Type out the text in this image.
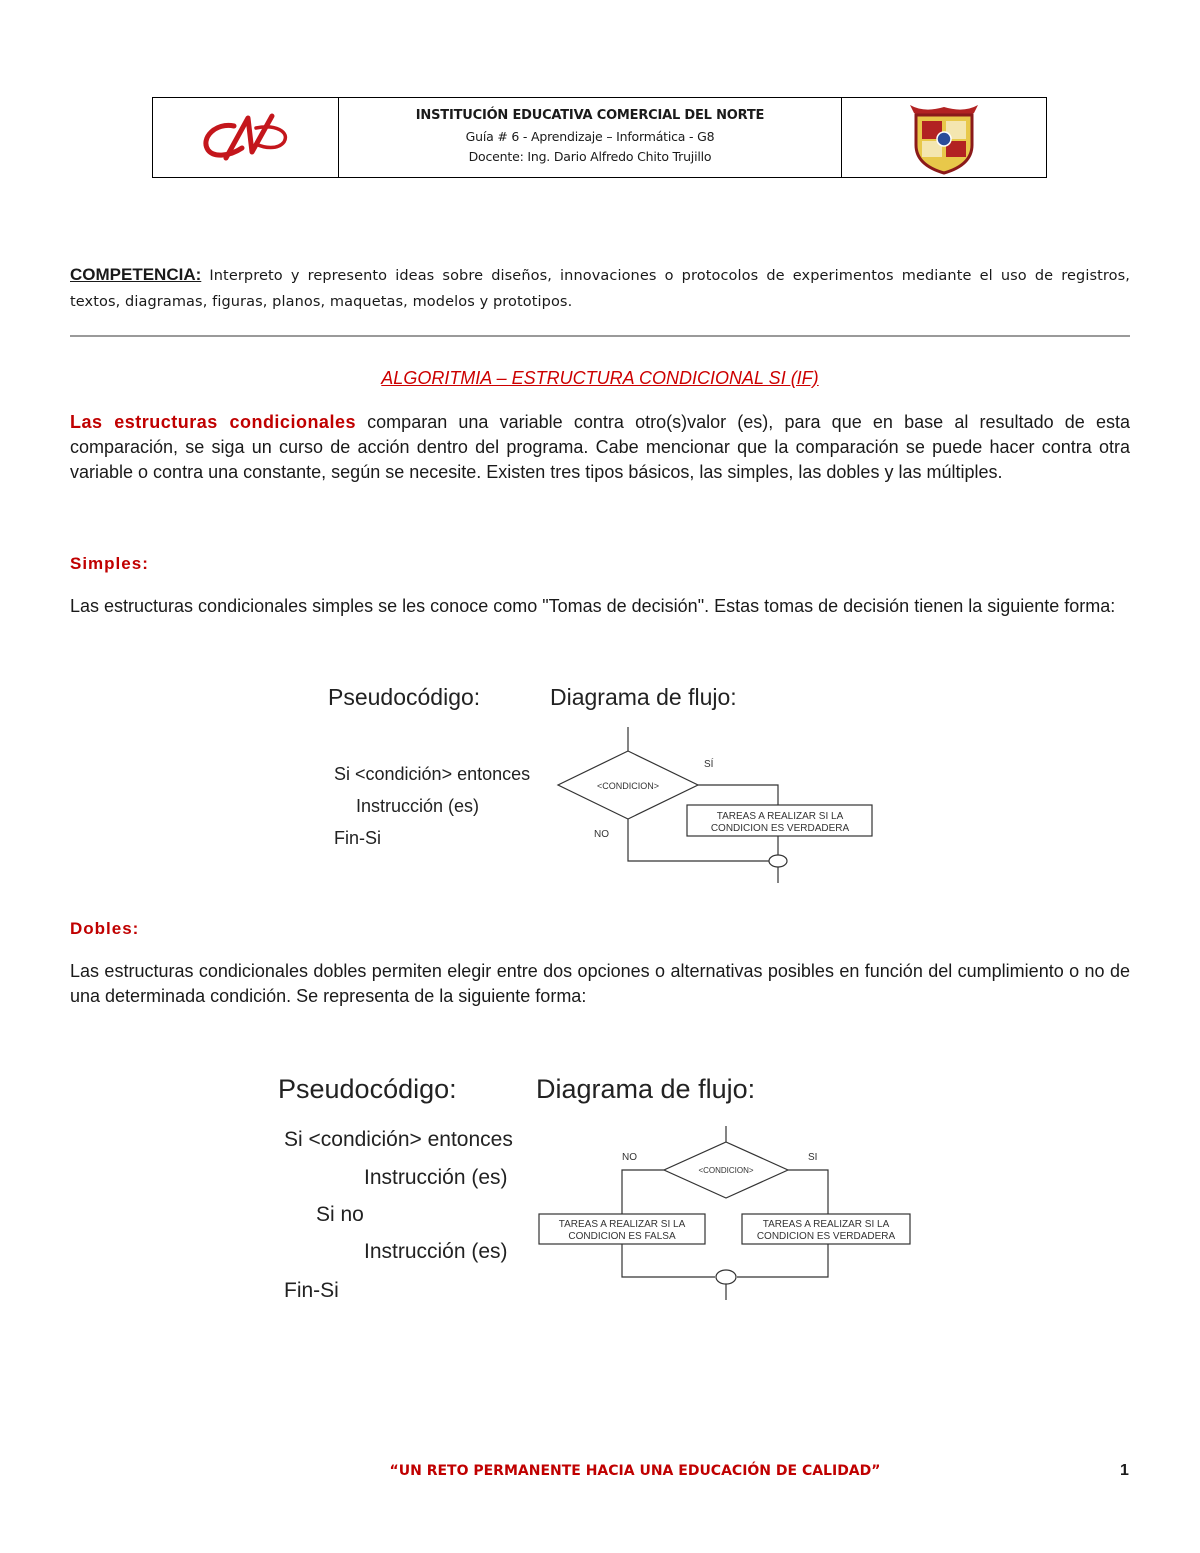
INSTITUCIÓN EDUCATIVA COMERCIAL DEL NORTE
Guía # 6 - Aprendizaje – Informática - G8
Docente: Ing. Dario Alfredo Chito Trujillo
COMPETENCIA: Interpreto y represento ideas sobre diseños, innovaciones o protocolos de experimentos mediante el uso de registros, textos, diagramas, figuras, planos, maquetas, modelos y prototipos.
ALGORITMIA – ESTRUCTURA CONDICIONAL SI (IF)
Las estructuras condicionales comparan una variable contra otro(s)valor (es), para que en base al resultado de esta comparación, se siga un curso de acción dentro del programa. Cabe mencionar que la comparación se puede hacer contra otra variable o contra una constante, según se necesite. Existen tres tipos básicos, las simples, las dobles y las múltiples.
Simples:
Las estructuras condicionales simples se les conoce como "Tomas de decisión". Estas tomas de decisión tienen la siguiente forma:
Pseudocódigo:	Diagrama de flujo:
Si <condición> entonces
Instrucción (es)
Fin-Si
<CONDICION>
SÍ
NO
TAREAS A REALIZAR SI LA
CONDICION ES VERDADERA
Dobles:
Las estructuras condicionales dobles permiten elegir entre dos opciones o alternativas posibles en función del cumplimiento o no de una determinada condición. Se representa de la siguiente forma:
Pseudocódigo:	Diagrama de flujo:
Si <condición> entonces
Instrucción (es)
Si no
Instrucción (es)
Fin-Si
<CONDICION>
NO	SI
TAREAS A REALIZAR SI LA
CONDICION ES FALSA
TAREAS A REALIZAR SI LA
CONDICION ES VERDADERA
“UN RETO PERMANENTE HACIA UNA EDUCACIÓN DE CALIDAD”	1
